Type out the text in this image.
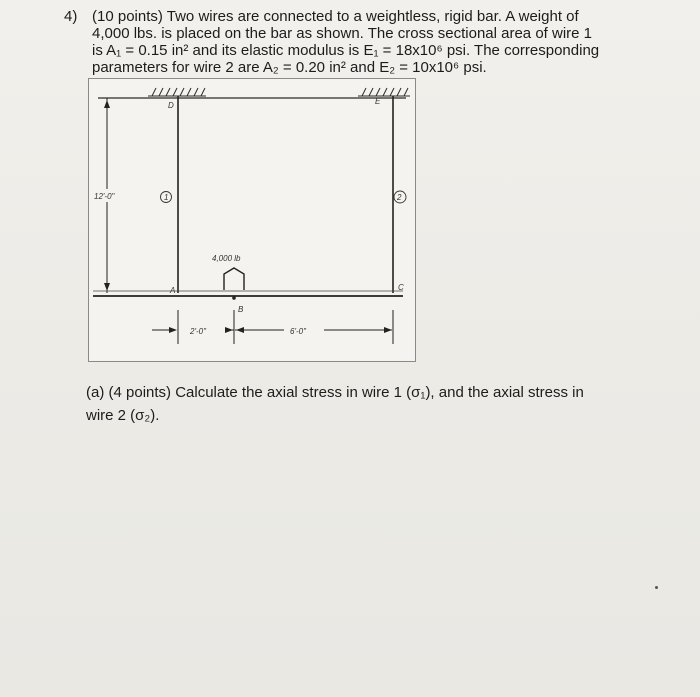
4) (10 points) Two wires are connected to a weightless, rigid bar. A weight of

4,000 lbs. is placed on the bar as shown. The cross sectional area of wire 1

is A₁ = 0.15 in² and its elastic modulus is E₁ = 18x10⁶ psi. The corresponding

parameters for wire 2 are A₂ = 0.20 in² and E₂ = 10x10⁶ psi.

D	E
1	2
12'-0"
4,000 lb
A
B
C
2'-0"	6'-0"

(a) (4 points) Calculate the axial stress in wire 1 (σ₁), and the axial stress in

wire 2 (σ₂).
